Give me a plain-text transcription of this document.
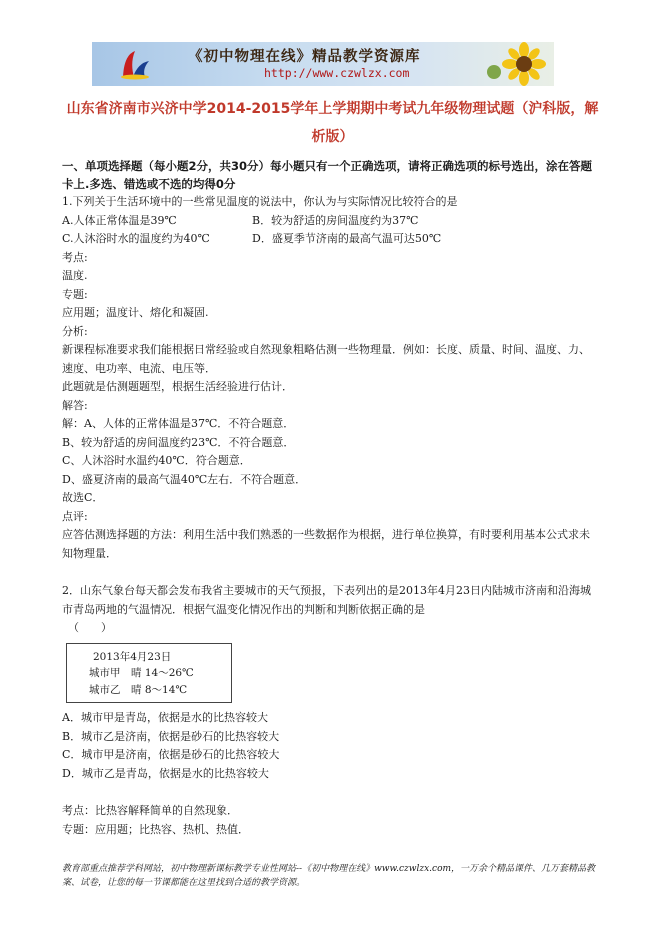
《初中物理在线》精品教学资源库
http://www.czwlzx.com
山东省济南市兴济中学2014-2015学年上学期期中考试九年级物理试题（沪科版，解析版）

一、单项选择题（每小题2分，共30分）每小题只有一个正确选项，请将正确选项的标号选出，涂在答题卡上.多选、错选或不选的均得0分

1.下列关于生活环境中的一些常见温度的说法中，你认为与实际情况比较符合的是

A.人体正常体温是39℃	B．较为舒适的房间温度约为37℃
C.人沐浴时水的温度约为40℃	D．盛夏季节济南的最高气温可达50℃

考点:

温度.

专题:

应用题；温度计、熔化和凝固.

分析:

新课程标准要求我们能根据日常经验或自然现象粗略估测一些物理量．例如：长度、质量、时间、温度、力、速度、电功率、电流、电压等．

此题就是估测题题型，根据生活经验进行估计．

解答:

解：A、人体的正常体温是37℃．不符合题意．

B、较为舒适的房间温度约23℃．不符合题意．

C、人沐浴时水温约40℃．符合题意．

D、盛夏济南的最高气温40℃左右．不符合题意．

故选C．

点评:

应答估测选择题的方法：利用生活中我们熟悉的一些数据作为根据，进行单位换算，有时要利用基本公式求未知物理量．

2．山东气象台每天都会发布我省主要城市的天气预报，下表列出的是2013年4月23日内陆城市济南和沿海城市青岛两地的气温情况．根据气温变化情况作出的判断和判断依据正确的是

（　　）

2013年4月23日
城市甲　晴 14～26℃
城市乙　晴 8～14℃

A．城市甲是青岛，依据是水的比热容较大

B．城市乙是济南，依据是砂石的比热容较大

C．城市甲是济南，依据是砂石的比热容较大

D．城市乙是青岛，依据是水的比热容较大

考点：比热容解释简单的自然现象．

专题：应用题；比热容、热机、热值．

教育部重点推荐学科网站，初中物理新课标教学专业性网站--《初中物理在线》www.czwlzx.com，一万余个精品课件、几万套精品教案、试卷，让您的每一节课都能在这里找到合适的教学资源。
